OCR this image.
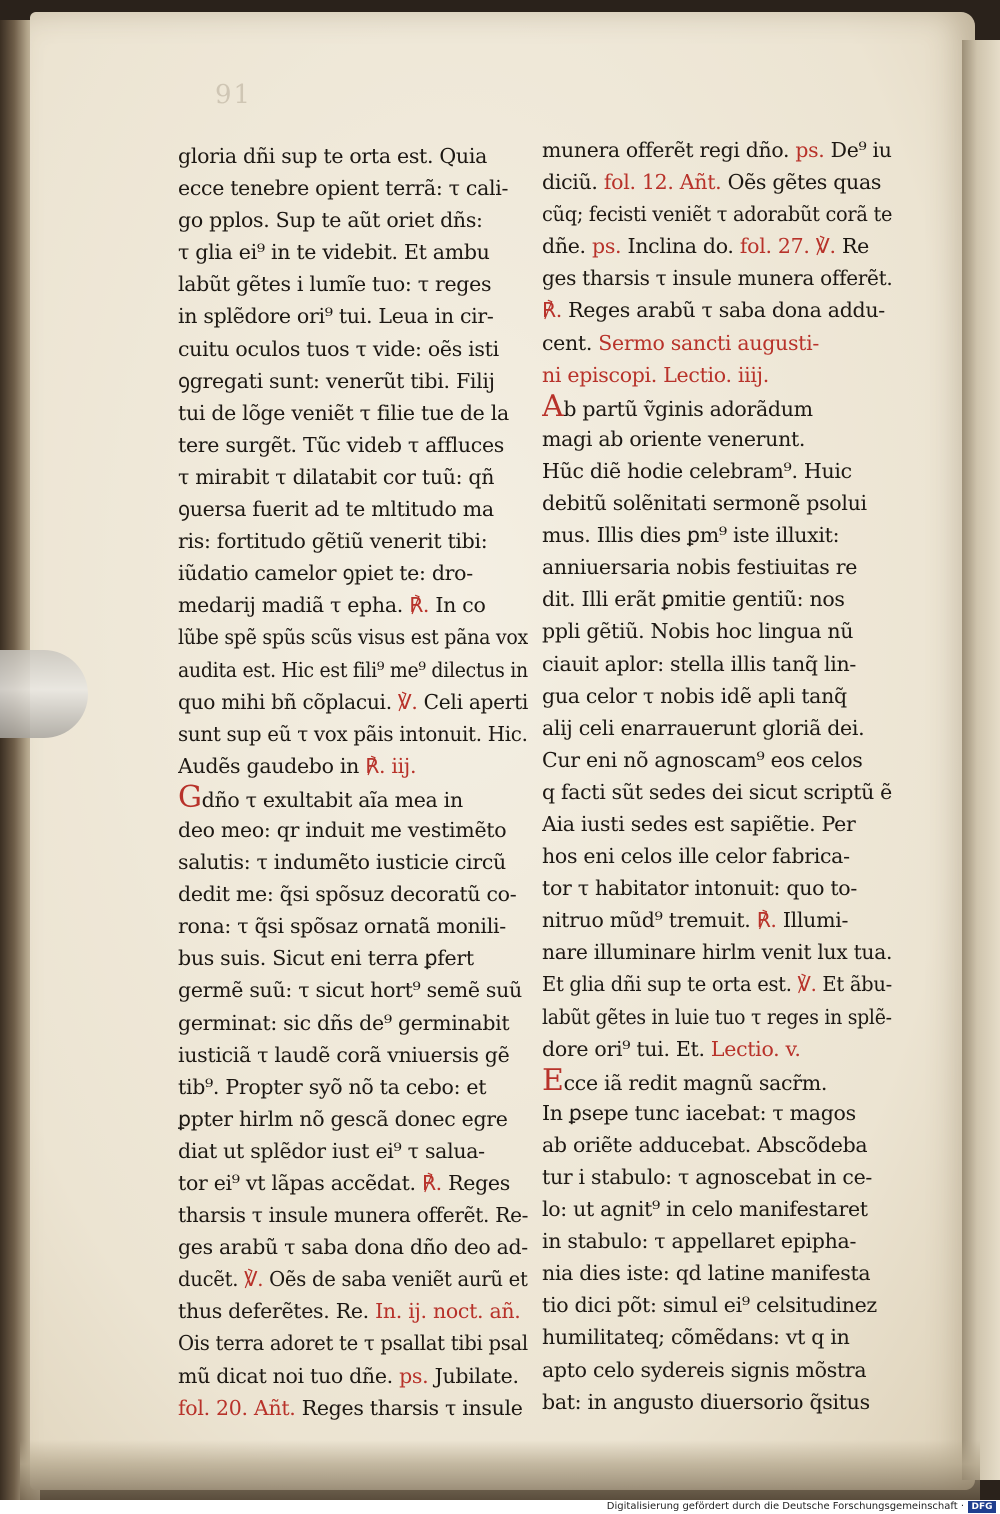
91
gloria dñi sup te orta est. Quia
ecce tenebre opient terrã: τ cali-
go pplos. Sup te aũt oriet dñs:
τ glia ei⁹ in te videbit. Et ambu
labũt gẽtes i lumĩe tuo: τ reges
in splẽdore ori⁹ tui. Leua in cir-
cuitu oculos tuos τ vide: oẽs isti
ꝯgregati sunt: venerũt tibi. Filij
tui de lõge veniẽt τ filie tue de la
tere surgẽt. Tũc videb τ affluces
τ mirabit τ dilatabit cor tuũ: qñ
ꝯuersa fuerit ad te mltitudo ma
ris: fortitudo gẽtiũ venerit tibi:
iũdatio camelor ꝯpiet te: dro-
medarij madiã τ epha. ℟. In co
lũbe spẽ spũs scũs visus est pãna vox
audita est. Hic est fili⁹ me⁹ dilectus in
quo mihi bñ cõplacui. ℣. Celi aperti
sunt sup eũ τ vox pãis intonuit. Hic.
Audẽs gaudebo in ℟. iij.
Gdño τ exultabit aĩa mea in
deo meo: qr induit me vestimẽto
salutis: τ indumẽto iusticie circũ
dedit me: q̃si spõsuz decoratũ co-
rona: τ q̃si spõsaz ornatã monili-
bus suis. Sicut eni terra ꝑfert
germẽ suũ: τ sicut hort⁹ semẽ suũ
germinat: sic dñs de⁹ germinabit
iusticiã τ laudẽ corã vniuersis gẽ
tib⁹. Propter syõ nõ ta cebo: et
ꝑpter hirlm nõ gescã donec egre
diat ut splẽdor iust ei⁹ τ salua-
tor ei⁹ vt lãpas accẽdat. ℟. Reges
tharsis τ insule munera offerẽt. Re-
ges arabũ τ saba dona dño deo ad-
ducẽt. ℣. Oẽs de saba veniẽt aurũ et
thus deferẽtes. Re. In. ij. noct. añ.
Ois terra adoret te τ psallat tibi psal
mũ dicat noi tuo dñe. ps. Jubilate.
fol. 20. Añt. Reges tharsis τ insule
munera offerẽt regi dño. ps. De⁹ iu
diciũ. fol. 12. Añt. Oẽs gẽtes quas
cũq; fecisti veniẽt τ adorabũt corã te
dñe. ps. Inclina do. fol. 27. ℣. Re
ges tharsis τ insule munera offerẽt.
℟. Reges arabũ τ saba dona addu-
cent. Sermo sancti augusti-
ni episcopi. Lectio. iiij.
Ab partũ ṽginis adorãdum
magi ab oriente venerunt.
Hũc diẽ hodie celebram⁹. Huic
debitũ solẽnitati sermonẽ psolui
mus. Illis dies ꝑm⁹ iste illuxit:
anniuersaria nobis festiuitas re
dit. Illi erãt ꝑmitie gentiũ: nos
ppli gẽtiũ. Nobis hoc lingua nũ
ciauit aplor: stella illis tanq̃ lin-
gua celor τ nobis idẽ apli tanq̃
alij celi enarrauerunt gloriã dei.
Cur eni nõ agnoscam⁹ eos celos
q facti sũt sedes dei sicut scriptũ ẽ
Aia iusti sedes est sapiẽtie. Per
hos eni celos ille celor fabrica-
tor τ habitator intonuit: quo to-
nitruo mũd⁹ tremuit. ℟. Illumi-
nare illuminare hirlm venit lux tua.
Et glia dñi sup te orta est. ℣. Et ãbu-
labũt gẽtes in luie tuo τ reges in splẽ-
dore ori⁹ tui. Et. Lectio. v.
Ecce iã redit magnũ sacr̃m.
In ꝑsepe tunc iacebat: τ magos
ab oriẽte adducebat. Abscõdeba
tur i stabulo: τ agnoscebat in ce-
lo: ut agnit⁹ in celo manifestaret
in stabulo: τ appellaret epipha-
nia dies iste: qd latine manifesta
tio dici põt: simul ei⁹ celsitudinez
humilitateq; cõmẽdans: vt q in
apto celo sydereis signis mõstra
bat: in angusto diuersorio q̃situs
Digitalisierung gefördert durch die Deutsche Forschungsgemeinschaft · DFG
